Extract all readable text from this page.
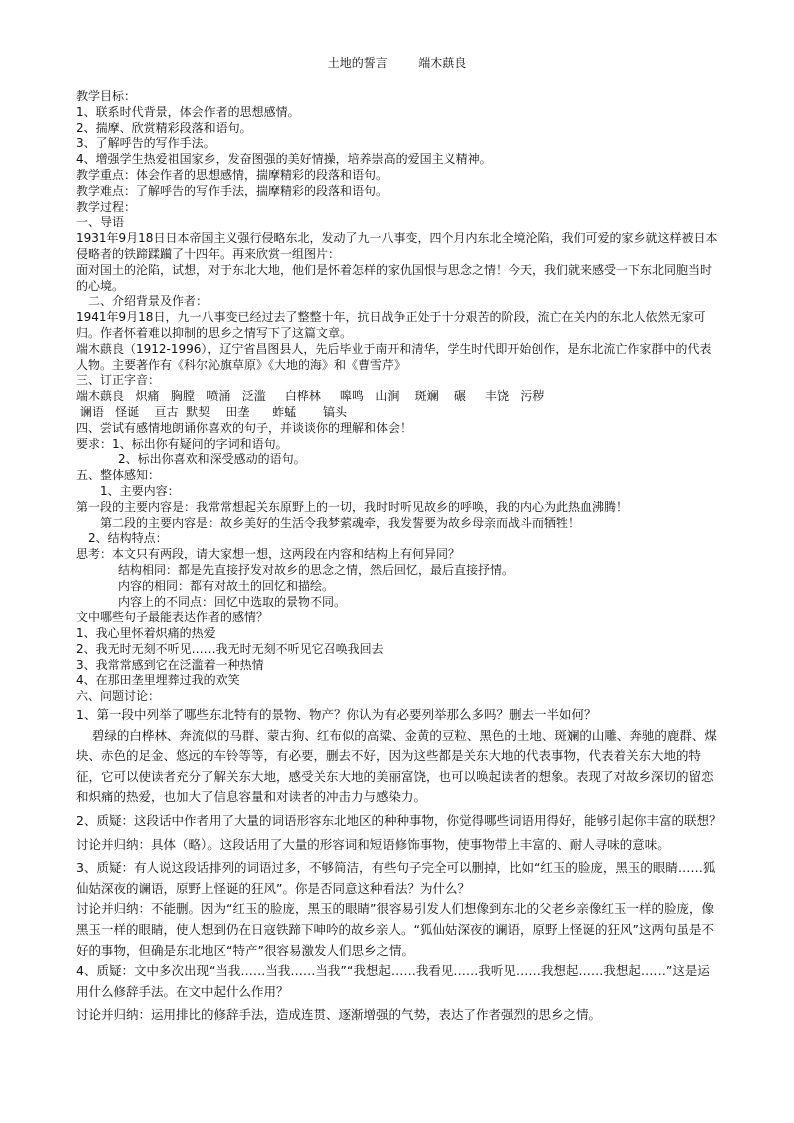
土地的誓言        端木蕻良

教学目标：

1、联系时代背景，体会作者的思想感情。

2、揣摩、欣赏精彩段落和语句。

3、了解呼告的写作手法。

4、增强学生热爱祖国家乡，发奋图强的美好情操，培养崇高的爱国主义精神。

教学重点：体会作者的思想感情，揣摩精彩的段落和语句。

教学难点：了解呼告的写作手法，揣摩精彩的段落和语句。

教学过程：

一、导语

1931年9月18日日本帝国主义强行侵略东北，发动了九一八事变，四个月内东北全境沦陷，我们可爱的家乡就这样被日本侵略者的铁蹄蹂躏了十四年。再来欣赏一组图片：

面对国土的沦陷，试想，对于东北大地，他们是怀着怎样的家仇国恨与思念之情！今天，我们就来感受一下东北同胞当时的心境。

二、介绍背景及作者：

1941年9月18日，九一八事变已经过去了整整十年，抗日战争正处于十分艰苦的阶段，流亡在关内的东北人依然无家可归。作者怀着难以抑制的思乡之情写下了这篇文章。

端木蕻良（1912-1996），辽宁省昌图县人，先后毕业于南开和清华，学生时代即开始创作，是东北流亡作家群中的代表人物。主要著作有《科尔沁旗草原》《大地的海》和《曹雪芹》

三、订正字音：

端木蕻良   炽痛   胸膛   喷涌   泛滥     白桦林     嗥鸣   山涧    斑斓    碾     丰饶   污秽

谰语   怪诞    亘古  默契    田垄      蚱蜢       镐头

四、尝试有感情地朗诵你喜欢的句子，并谈谈你的理解和体会！

要求：1、标出你有疑问的字词和语句。

2、标出你喜欢和深受感动的语句。

五、整体感知：

1、主要内容：

第一段的主要内容是：我常常想起关东原野上的一切，我时时听见故乡的呼唤，我的内心为此热血沸腾！

第二段的主要内容是：故乡美好的生活令我梦萦魂牵，我发誓要为故乡母亲而战斗而牺牲！

2、结构特点：

思考：本文只有两段，请大家想一想，这两段在内容和结构上有何异同？

结构相同：都是先直接抒发对故乡的思念之情，然后回忆，最后直接抒情。

内容的相同：都有对故土的回忆和描绘。

内容上的不同点：回忆中选取的景物不同。

文中哪些句子最能表达作者的感情？

1、我心里怀着炽痛的热爱

2、我无时无刻不听见……我无时无刻不听见它召唤我回去

3、我常常感到它在泛滥着一种热情

4、在那田垄里埋葬过我的欢笑

六、问题讨论：

1、第一段中列举了哪些东北特有的景物、物产？你认为有必要列举那么多吗？删去一半如何？

碧绿的白桦林、奔流似的马群、蒙古狗、红布似的高粱、金黄的豆粒、黑色的土地、斑斓的山雕、奔驰的鹿群、煤块、赤色的足金、悠远的车铃等等，有必要，删去不好，因为这些都是关东大地的代表事物，代表着关东大地的特征，它可以使读者充分了解关东大地，感受关东大地的美丽富饶，也可以唤起读者的想象。表现了对故乡深切的留恋和炽痛的热爱，也加大了信息容量和对读者的冲击力与感染力。

2、质疑：这段话中作者用了大量的词语形容东北地区的种种事物，你觉得哪些词语用得好，能够引起你丰富的联想？

讨论并归纳：具体（略）。这段话用了大量的形容词和短语修饰事物，使事物带上丰富的、耐人寻味的意味。

3、质疑：有人说这段话排列的词语过多，不够简洁，有些句子完全可以删掉，比如“红玉的脸庞，黑玉的眼睛……狐仙姑深夜的谰语，原野上怪诞的狂风”。你是否同意这种看法？为什么？

讨论并归纳：不能删。因为“红玉的脸庞，黑玉的眼睛”很容易引发人们想像到东北的父老乡亲像红玉一样的脸庞，像黑玉一样的眼睛，使人想到仍在日寇铁蹄下呻吟的故乡亲人。“狐仙姑深夜的谰语，原野上怪诞的狂风”这两句虽是不好的事物，但确是东北地区“特产”很容易激发人们思乡之情。

4、质疑：文中多次出现“当我……当我……当我”“我想起……我看见……我听见……我想起……我想起……”这是运用什么修辞手法。在文中起什么作用？

讨论并归纳：运用排比的修辞手法，造成连贯、逐渐增强的气势，表达了作者强烈的思乡之情。
